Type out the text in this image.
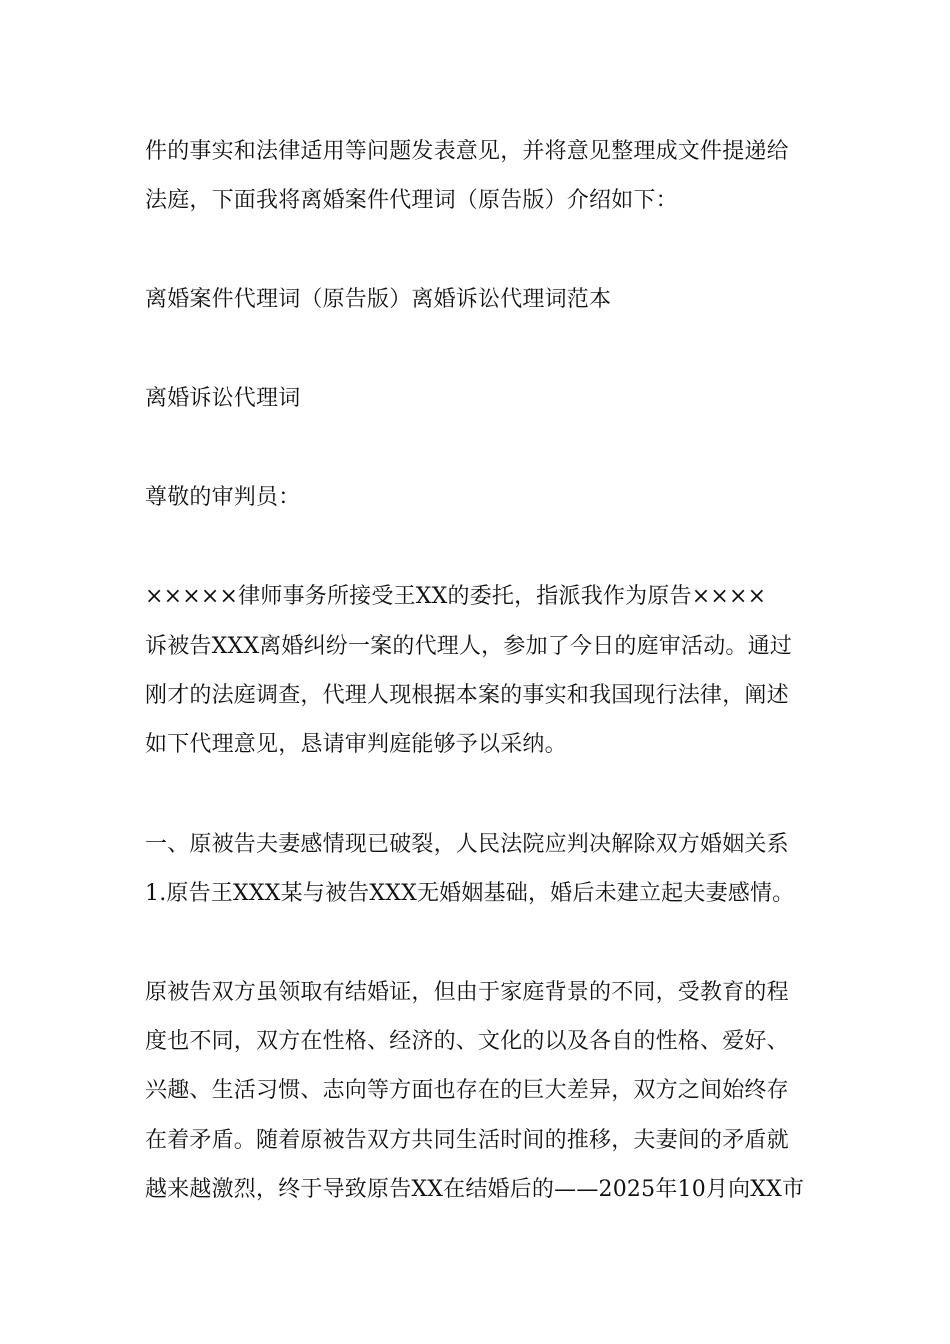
件的事实和法律适用等问题发表意见，并将意见整理成文件提递给
法庭，下面我将离婚案件代理词（原告版）介绍如下：
离婚案件代理词（原告版）离婚诉讼代理词范本
离婚诉讼代理词
尊敬的审判员：
×××××律师事务所接受王XX的委托，指派我作为原告××××
诉被告XXX离婚纠纷一案的代理人，参加了今日的庭审活动。通过
刚才的法庭调查，代理人现根据本案的事实和我国现行法律，阐述
如下代理意见，恳请审判庭能够予以采纳。
一、原被告夫妻感情现已破裂，人民法院应判决解除双方婚姻关系
1.原告王XXX某与被告XXX无婚姻基础，婚后未建立起夫妻感情。
原被告双方虽领取有结婚证，但由于家庭背景的不同，受教育的程
度也不同，双方在性格、经济的、文化的以及各自的性格、爱好、
兴趣、生活习惯、志向等方面也存在的巨大差异，双方之间始终存
在着矛盾。随着原被告双方共同生活时间的推移，夫妻间的矛盾就
越来越激烈，终于导致原告XX在结婚后的——2025年10月向XX市
